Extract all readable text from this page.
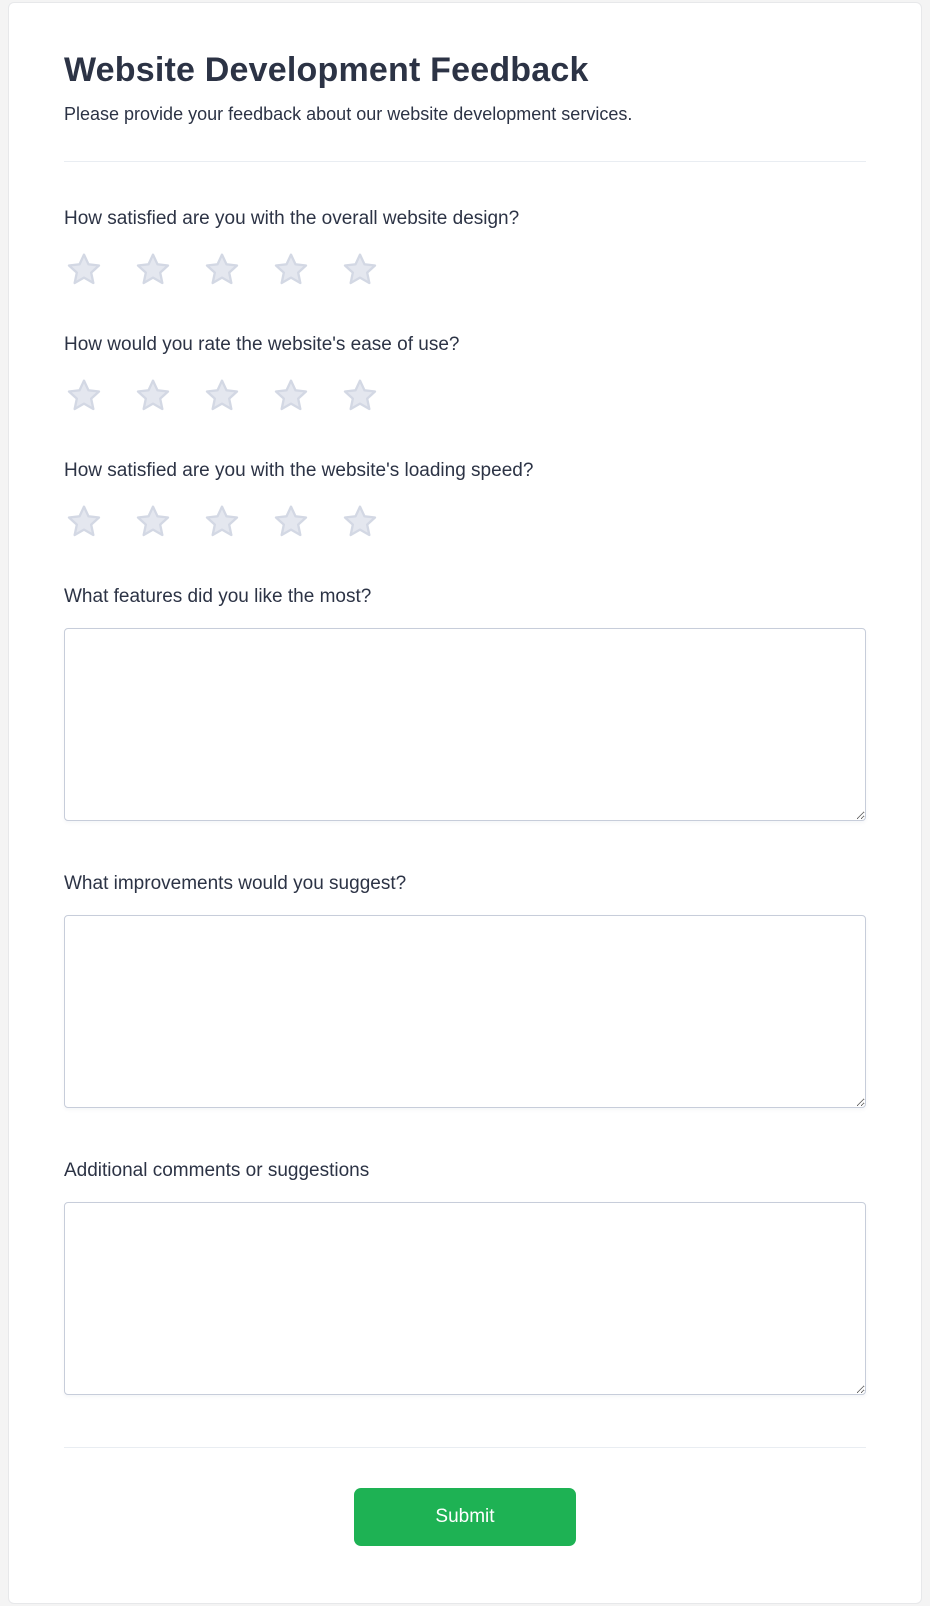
Website Development Feedback

Please provide your feedback about our website development services.

How satisfied are you with the overall website design?
How would you rate the website's ease of use?
How satisfied are you with the website's loading speed?
What features did you like the most?
What improvements would you suggest?
Additional comments or suggestions
Submit
